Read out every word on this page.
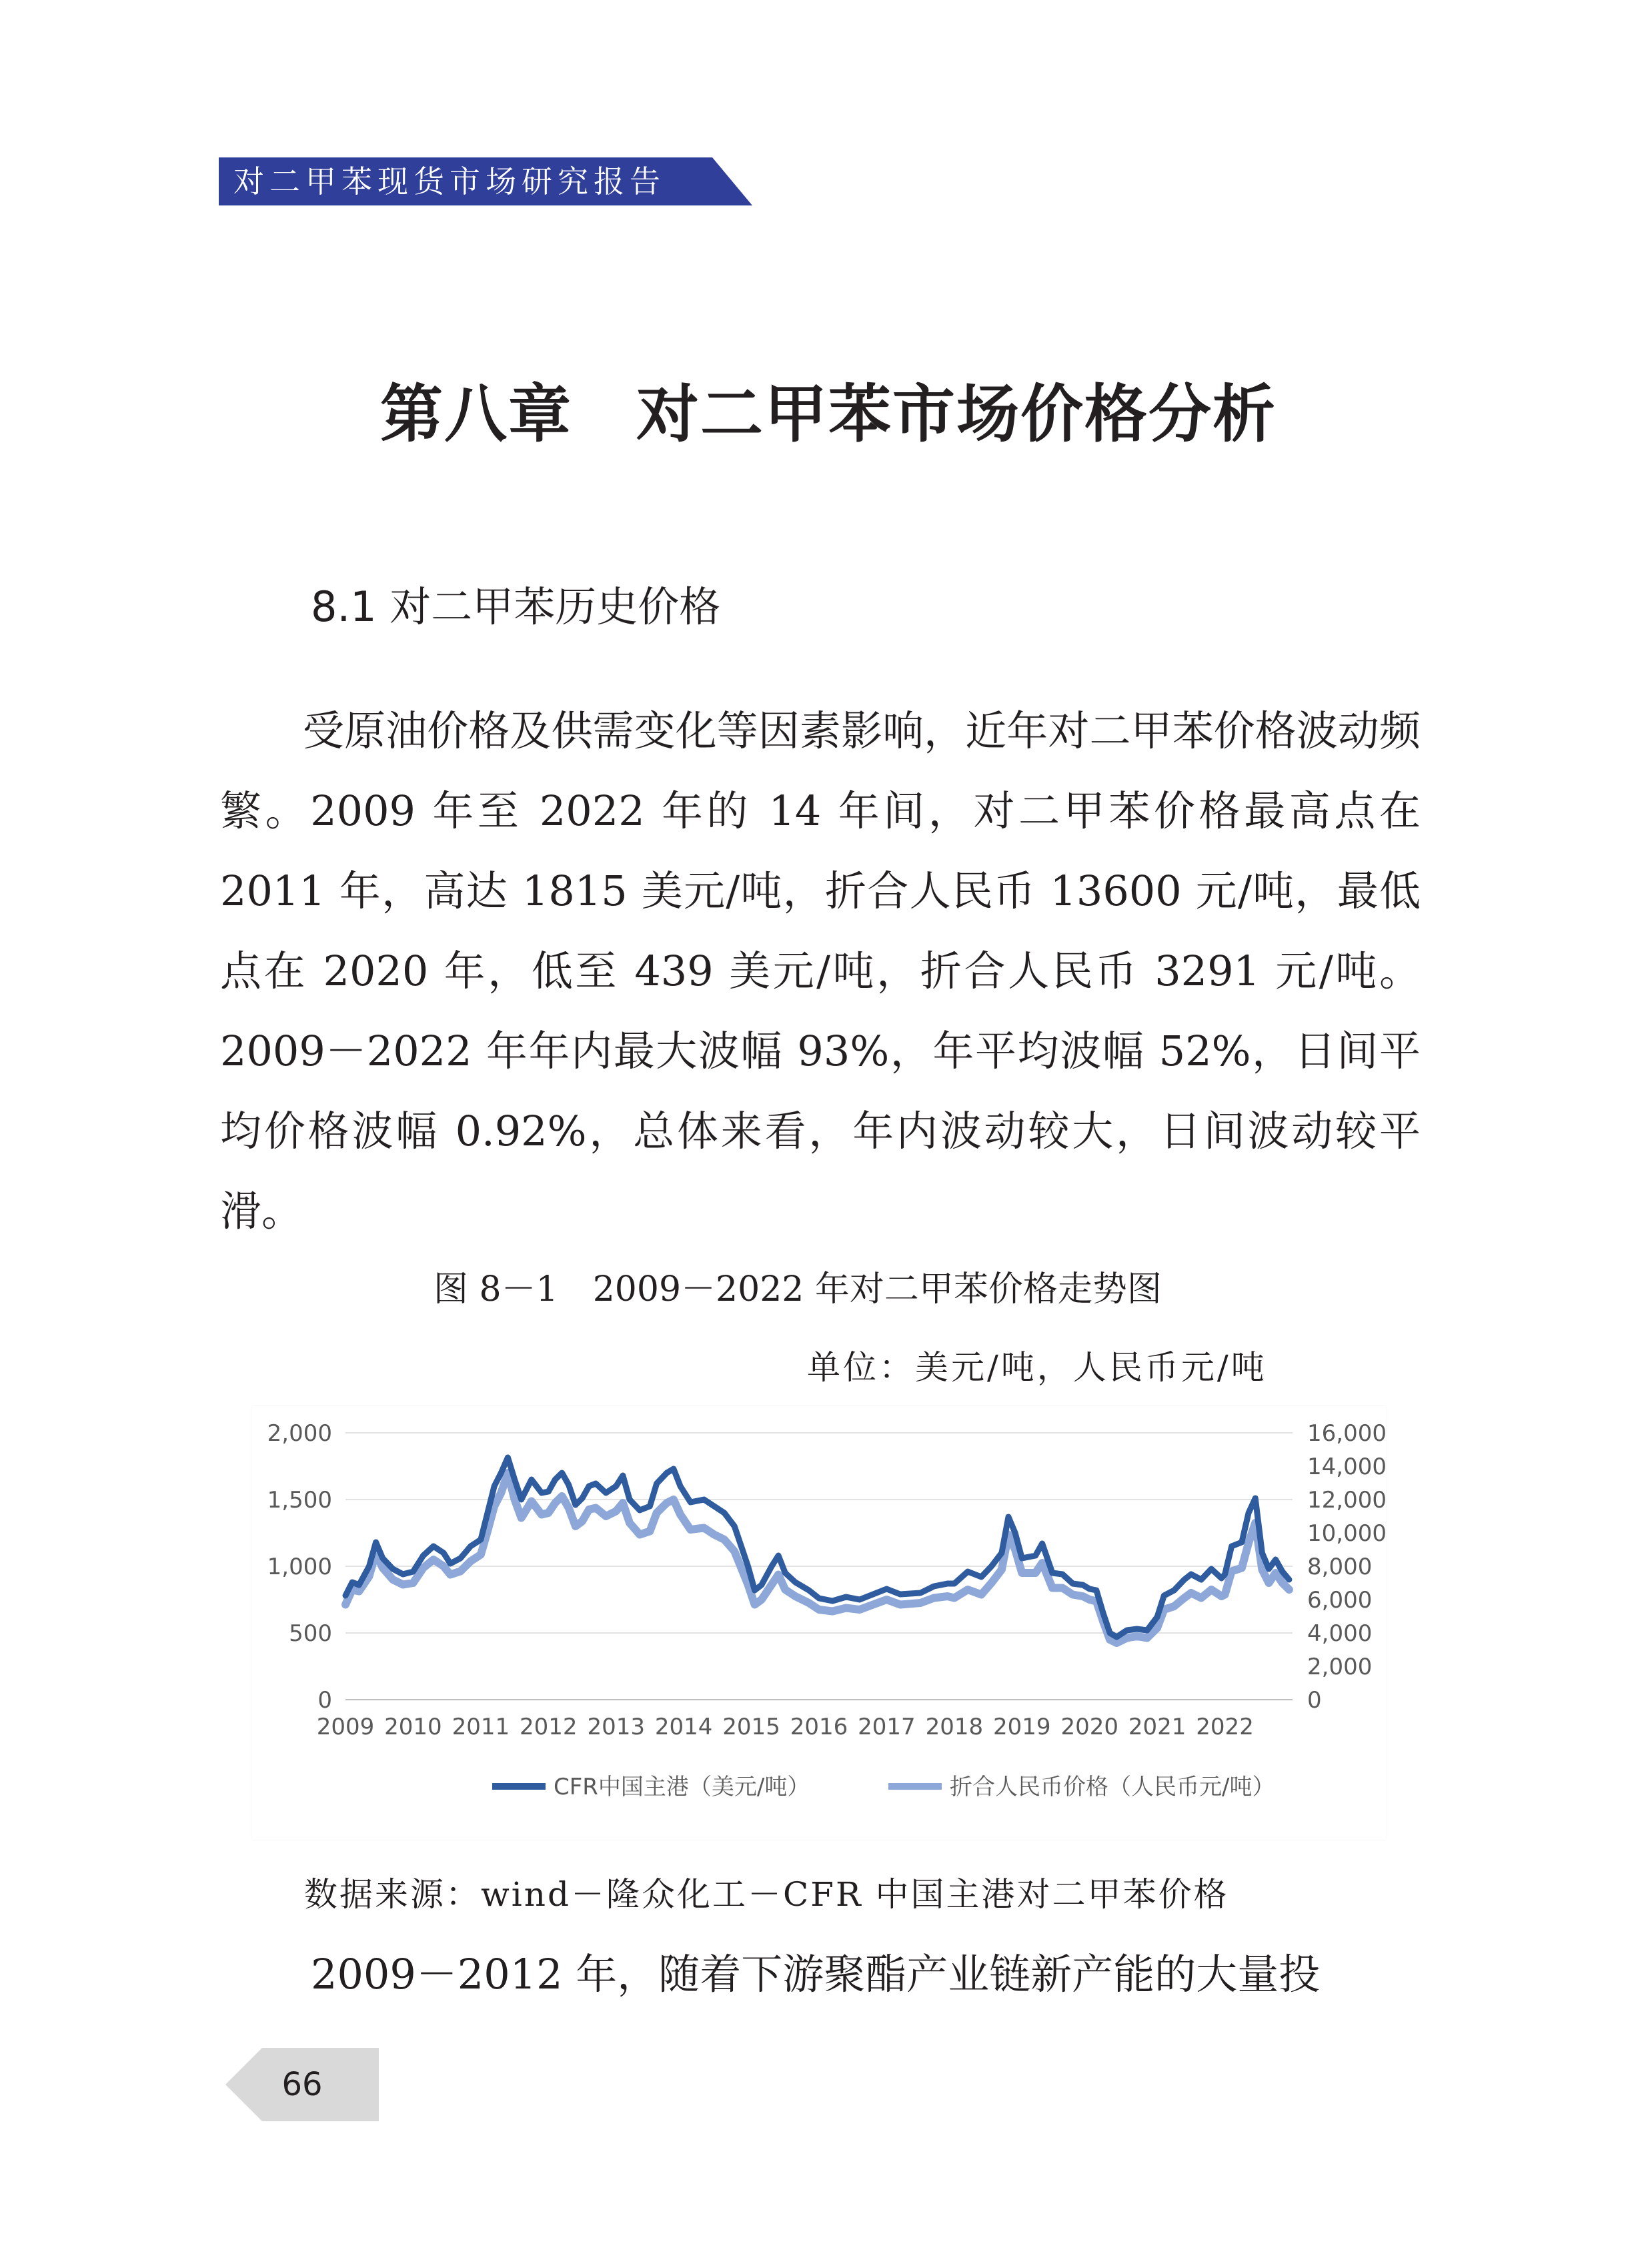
对二甲苯现货市场研究报告
第八章　对二甲苯市场价格分析
8.1 对二甲苯历史价格

受原油价格及供需变化等因素影响，近年对二甲苯价格波动频繁。2009 年至 2022 年的 14 年间，对二甲苯价格最高点在 2011 年，高达 1815 美元/吨，折合人民币 13600 元/吨，最低点在 2020 年，低至 439 美元/吨，折合人民币 3291 元/吨。2009－2022 年年内最大波幅 93%，年平均波幅 52%，日间平均价格波幅 0.92%，总体来看，年内波动较大，日间波动较平滑。

图 8－1　2009－2022 年对二甲苯价格走势图
单位：美元/吨，人民币元/吨
2,000
1,500
1,000
500
0
16,000
14,000
12,000
10,000
8,000
6,000
4,000
2,000
0
2009 2010 2011 2012 2013 2014 2015 2016 2017 2018 2019 2020 2021 2022
CFR中国主港（美元/吨）	折合人民币价格（人民币元/吨）
数据来源：wind－隆众化工－CFR 中国主港对二甲苯价格
2009－2012 年，随着下游聚酯产业链新产能的大量投
66
